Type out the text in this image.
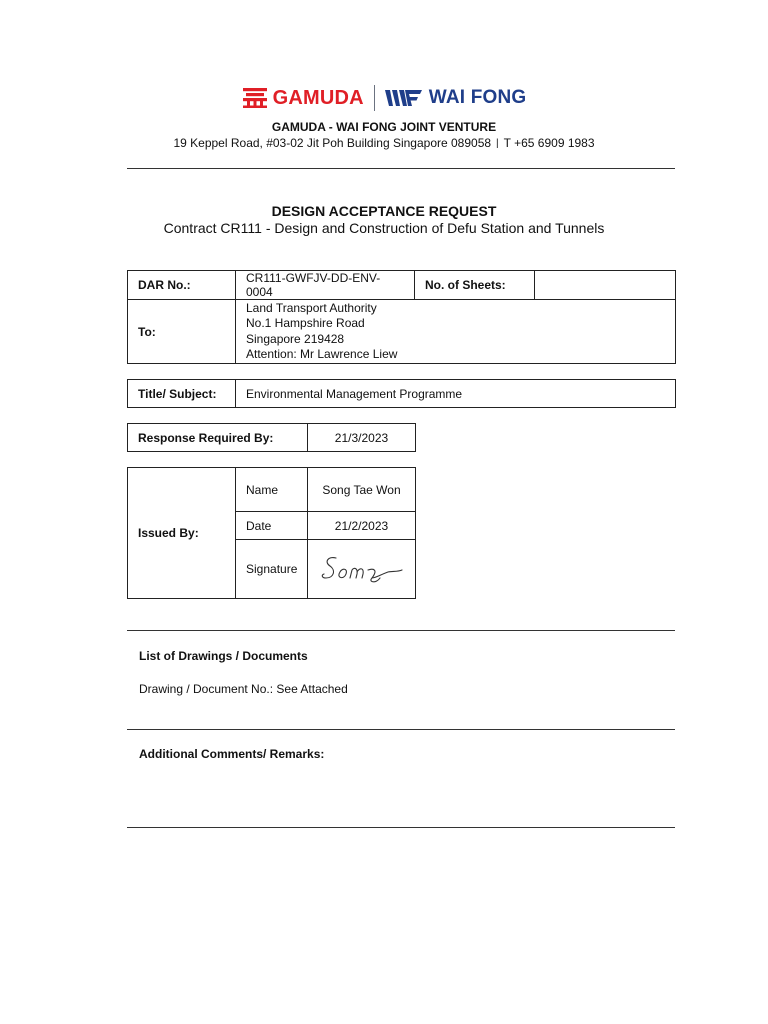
GAMUDA	WAI FONG
GAMUDA - WAI FONG JOINT VENTURE
19 Keppel Road, #03-02 Jit Poh Building Singapore 089058 | T +65 6909 1983
DESIGN ACCEPTANCE REQUEST
Contract CR111 - Design and Construction of Defu Station and Tunnels
DAR No.:	CR111-GWFJV-DD-ENV-0004	No. of Sheets:	
To:	Land Transport Authority
No.1 Hampshire Road
Singapore 219428
Attention: Mr Lawrence Liew		
Title/ Subject:	Environmental Management Programme
Response Required By:	21/3/2023
Issued By:	Name	Song Tae Won
	Date	21/2/2023
	Signature	
List of Drawings / Documents
Drawing / Document No.: See Attached
Additional Comments/ Remarks:
